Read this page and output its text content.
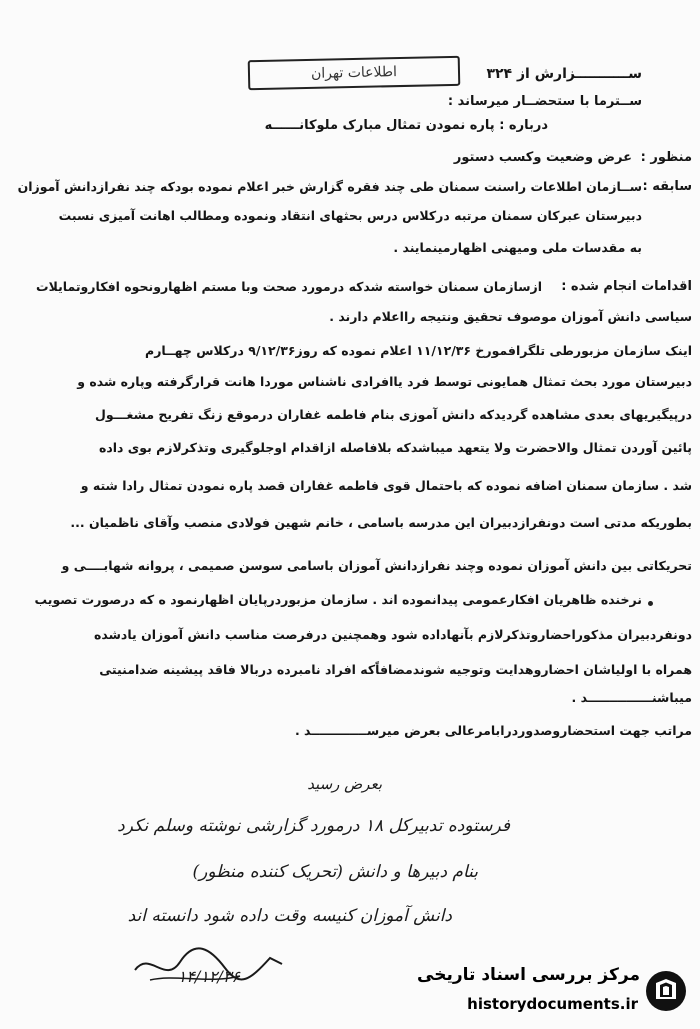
ســـــــــــزارش از ۳۲۴
اطلاعات تهران
ســترما با ستحضــار میرساند :
درباره : پاره نمودن تمثال مبارک ملوکانــــــه
منظور :
عرض وضعیت وکسب دستور
سابقه :
ســازمان اطلاعات راسنت سمنان طی چند فقره گزارش خبر اعلام نموده بودکه چند نفرازدانش آموزان
دبیرستان عبرکان سمنان مرتبه درکلاس درس بحثهای انتقاد ونموده ومطالب اهانت آمیزی نسبت
به مقدسات ملی ومیهنی اظهارمینمایند .
اقدامات انجام شده :
ازسازمان سمنان خواسته شدکه درمورد صحت وبا مستم اظهارونحوه افکاروتمایلات
سیاسی دانش آموزان موصوف تحقیق ونتیجه رااعلام دارند .
اینک سازمان مزبورطی تلگرافمورخ ۱۱/۱۲/۳۶ اعلام نموده که روز۹/۱۲/۳۶ درکلاس چهــارم
دبیرستان مورد بحث تمثال همایونی توسط فرد یاافرادی ناشناس موردا هانت قرارگرفته وپاره شده و
درپیگیریهای بعدی مشاهده گردیدکه دانش آموزی بنام فاطمه غفاران درموقع زنگ تفریح مشغـــول
پائین آوردن تمثال والاحضرت ولا یتعهد میباشدکه بلافاصله ازاقدام اوجلوگیری وتذکرلازم بوی داده
شد . سازمان سمنان اضافه نموده که باحتمال قوی فاطمه غفاران قصد پاره نمودن تمثال رادا شته و
بطوریکه مدتی است دونفرازدبیران این مدرسه باسامی ، خانم شهین فولادی منصب وآقای ناظمیان ...
تحریکاتی بین دانش آموزان نموده وچند نفرازدانش آموزان باسامی سوسن صمیمی ، پروانه شهابــــی و
نرخنده ظاهریان افکارعمومی پیدانموده اند . سازمان مزبوردرپایان اظهارنمود ه که درصورت تصویب
دونفردبیران مذکوراحضاروتذکرلازم بآنهاداده شود وهمچنین درفرصت مناسب دانش آموزان یادشده
همراه با اولیاشان احضاروهدایت وتوجیه شوندمضافاًکه افراد نامبرده دربالا فاقد پیشینه ضدامنیتی
میباشنـــــــــــــــد .
مراتب جهت استحضاروصدوردرابامرعالی بعرض میرســـــــــــــد .
بعرض رسید
فرستوده تدبیرکل ۱۸ درمورد گزارشی نوشته وسلم نکرد
بنام دبیرها و دانش (تحریک کننده منظور)
دانش آموزان کنیسه وقت داده شود دانسته اند
۱۴/۱۲/۳۶	مرکز بررسی اسناد تاریخی
historydocuments.ir
